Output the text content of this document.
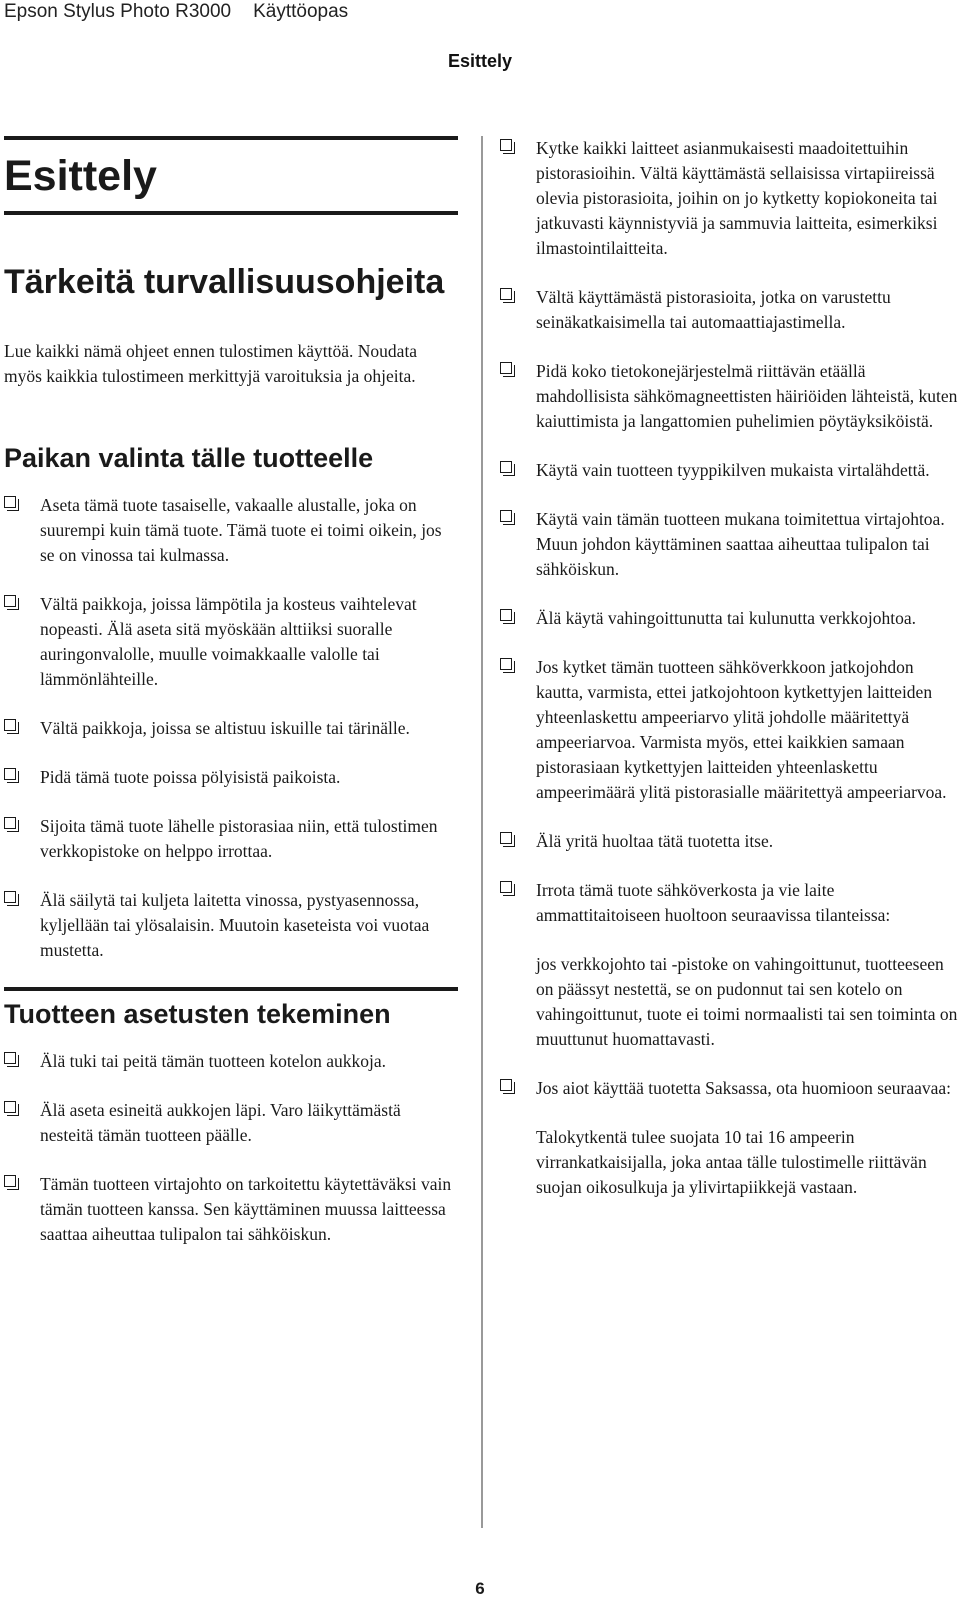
Epson Stylus Photo R3000 Käyttöopas
Esittely
Esittely
Tärkeitä turvallisuusohjeita

Lue kaikki nämä ohjeet ennen tulostimen käyttöä. Noudata myös kaikkia tulostimeen merkittyjä varoituksia ja ohjeita.

Paikan valinta tälle tuotteelle
Aseta tämä tuote tasaiselle, vakaalle alustalle, joka on suurempi kuin tämä tuote. Tämä tuote ei toimi oikein, jos se on vinossa tai kulmassa.
Vältä paikkoja, joissa lämpötila ja kosteus vaihtelevat nopeasti. Älä aseta sitä myöskään alttiiksi suoralle auringonvalolle, muulle voimakkaalle valolle tai lämmönlähteille.
Vältä paikkoja, joissa se altistuu iskuille tai tärinälle.
Pidä tämä tuote poissa pölyisistä paikoista.
Sijoita tämä tuote lähelle pistorasiaa niin, että tulostimen verkkopistoke on helppo irrottaa.
Älä säilytä tai kuljeta laitetta vinossa, pystyasennossa, kyljellään tai ylösalaisin. Muutoin kaseteista voi vuotaa mustetta.
Tuotteen asetusten tekeminen
Älä tuki tai peitä tämän tuotteen kotelon aukkoja.
Älä aseta esineitä aukkojen läpi. Varo läikyttämästä nesteitä tämän tuotteen päälle.
Tämän tuotteen virtajohto on tarkoitettu käytettäväksi vain tämän tuotteen kanssa. Sen käyttäminen muussa laitteessa saattaa aiheuttaa tulipalon tai sähköiskun.
Kytke kaikki laitteet asianmukaisesti maadoitettuihin pistorasioihin. Vältä käyttämästä sellaisissa virtapiireissä olevia pistorasioita, joihin on jo kytketty kopiokoneita tai jatkuvasti käynnistyviä ja sammuvia laitteita, esimerkiksi ilmastointilaitteita.
Vältä käyttämästä pistorasioita, jotka on varustettu seinäkatkaisimella tai automaattiajastimella.
Pidä koko tietokonejärjestelmä riittävän etäällä mahdollisista sähkömagneettisten häiriöiden lähteistä, kuten kaiuttimista ja langattomien puhelimien pöytäyksiköistä.
Käytä vain tuotteen tyyppikilven mukaista virtalähdettä.
Käytä vain tämän tuotteen mukana toimitettua virtajohtoa. Muun johdon käyttäminen saattaa aiheuttaa tulipalon tai sähköiskun.
Älä käytä vahingoittunutta tai kulunutta verkkojohtoa.
Jos kytket tämän tuotteen sähköverkkoon jatkojohdon kautta, varmista, ettei jatkojohtoon kytkettyjen laitteiden yhteenlaskettu ampeeriarvo ylitä johdolle määritettyä ampeeriarvoa. Varmista myös, ettei kaikkien samaan pistorasiaan kytkettyjen laitteiden yhteenlaskettu ampeerimäärä ylitä pistorasialle määritettyä ampeeriarvoa.
Älä yritä huoltaa tätä tuotetta itse.
Irrota tämä tuote sähköverkosta ja vie laite ammattitaitoiseen huoltoon seuraavissa tilanteissa:

jos verkkojohto tai -pistoke on vahingoittunut, tuotteeseen on päässyt nestettä, se on pudonnut tai sen kotelo on vahingoittunut, tuote ei toimi normaalisti tai sen toiminta on muuttunut huomattavasti.

Jos aiot käyttää tuotetta Saksassa, ota huomioon seuraavaa:

Talokytkentä tulee suojata 10 tai 16 ampeerin virrankatkaisijalla, joka antaa tälle tulostimelle riittävän suojan oikosulkuja ja ylivirtapiikkejä vastaan.

6
